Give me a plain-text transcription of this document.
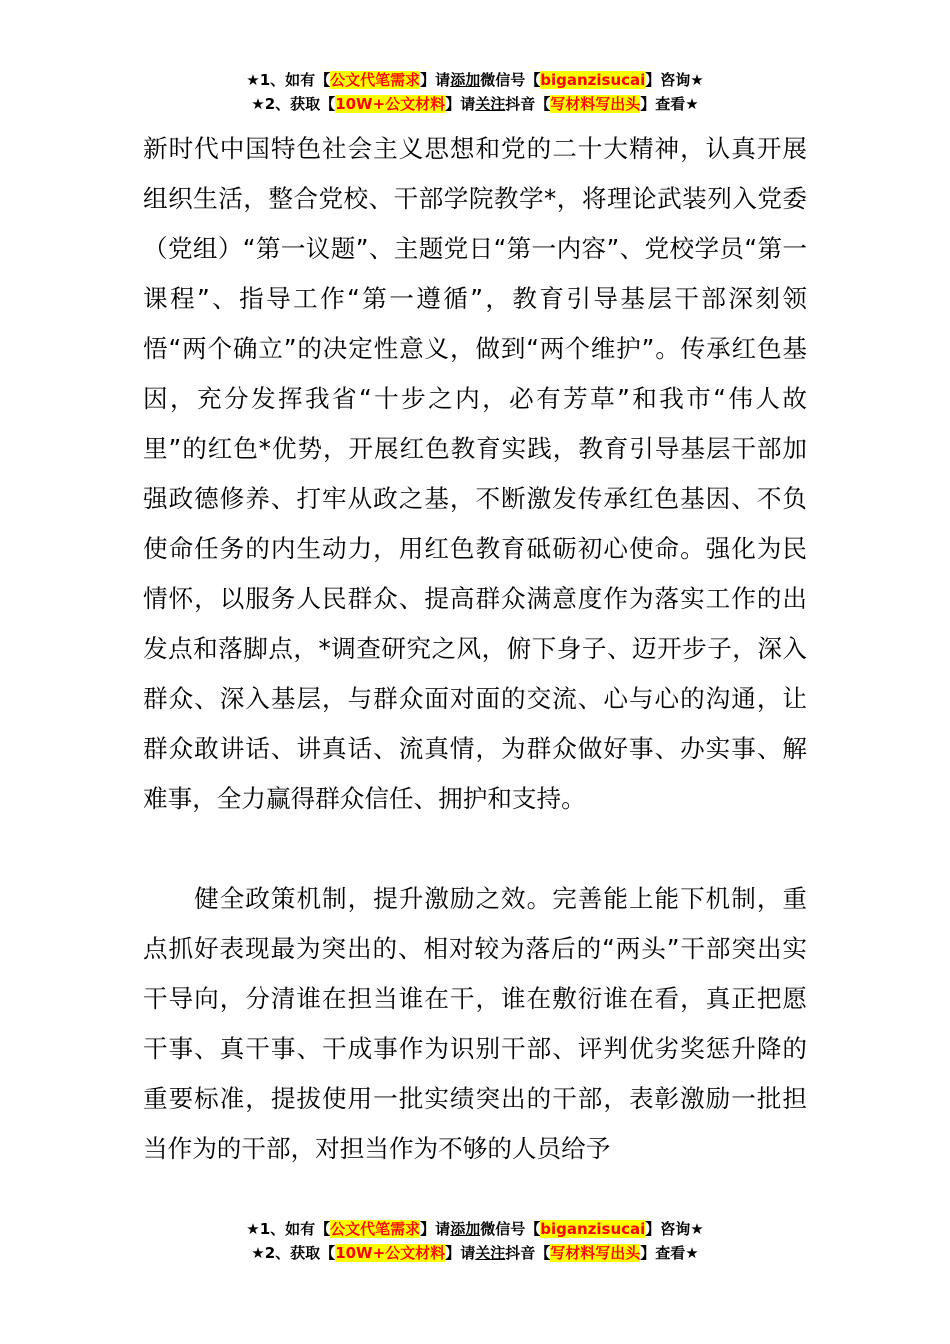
★1、如有【公文代笔需求】请添加微信号【biganzisucai】咨询★
★2、获取【10W+公文材料】请关注抖音【写材料写出头】查看★

新时代中国特色社会主义思想和党的二十大精神，认真开展组织生活，整合党校、干部学院教学*，将理论武装列入党委（党组）“第一议题”、主题党日“第一内容”、党校学员“第一课程”、指导工作“第一遵循”，教育引导基层干部深刻领悟“两个确立”的决定性意义，做到“两个维护”。传承红色基因，充分发挥我省“十步之内，必有芳草”和我市“伟人故里”的红色*优势，开展红色教育实践，教育引导基层干部加强政德修养、打牢从政之基，不断激发传承红色基因、不负使命任务的内生动力，用红色教育砥砺初心使命。强化为民情怀，以服务人民群众、提高群众满意度作为落实工作的出发点和落脚点，*调查研究之风，俯下身子、迈开步子，深入群众、深入基层，与群众面对面的交流、心与心的沟通，让群众敢讲话、讲真话、流真情，为群众做好事、办实事、解难事，全力赢得群众信任、拥护和支持。

　　健全政策机制，提升激励之效。完善能上能下机制，重点抓好表现最为突出的、相对较为落后的“两头”干部突出实干导向，分清谁在担当谁在干，谁在敷衍谁在看，真正把愿干事、真干事、干成事作为识别干部、评判优劣奖惩升降的重要标准，提拔使用一批实绩突出的干部，表彰激励一批担当作为的干部，对担当作为不够的人员给予

★1、如有【公文代笔需求】请添加微信号【biganzisucai】咨询★
★2、获取【10W+公文材料】请关注抖音【写材料写出头】查看★
